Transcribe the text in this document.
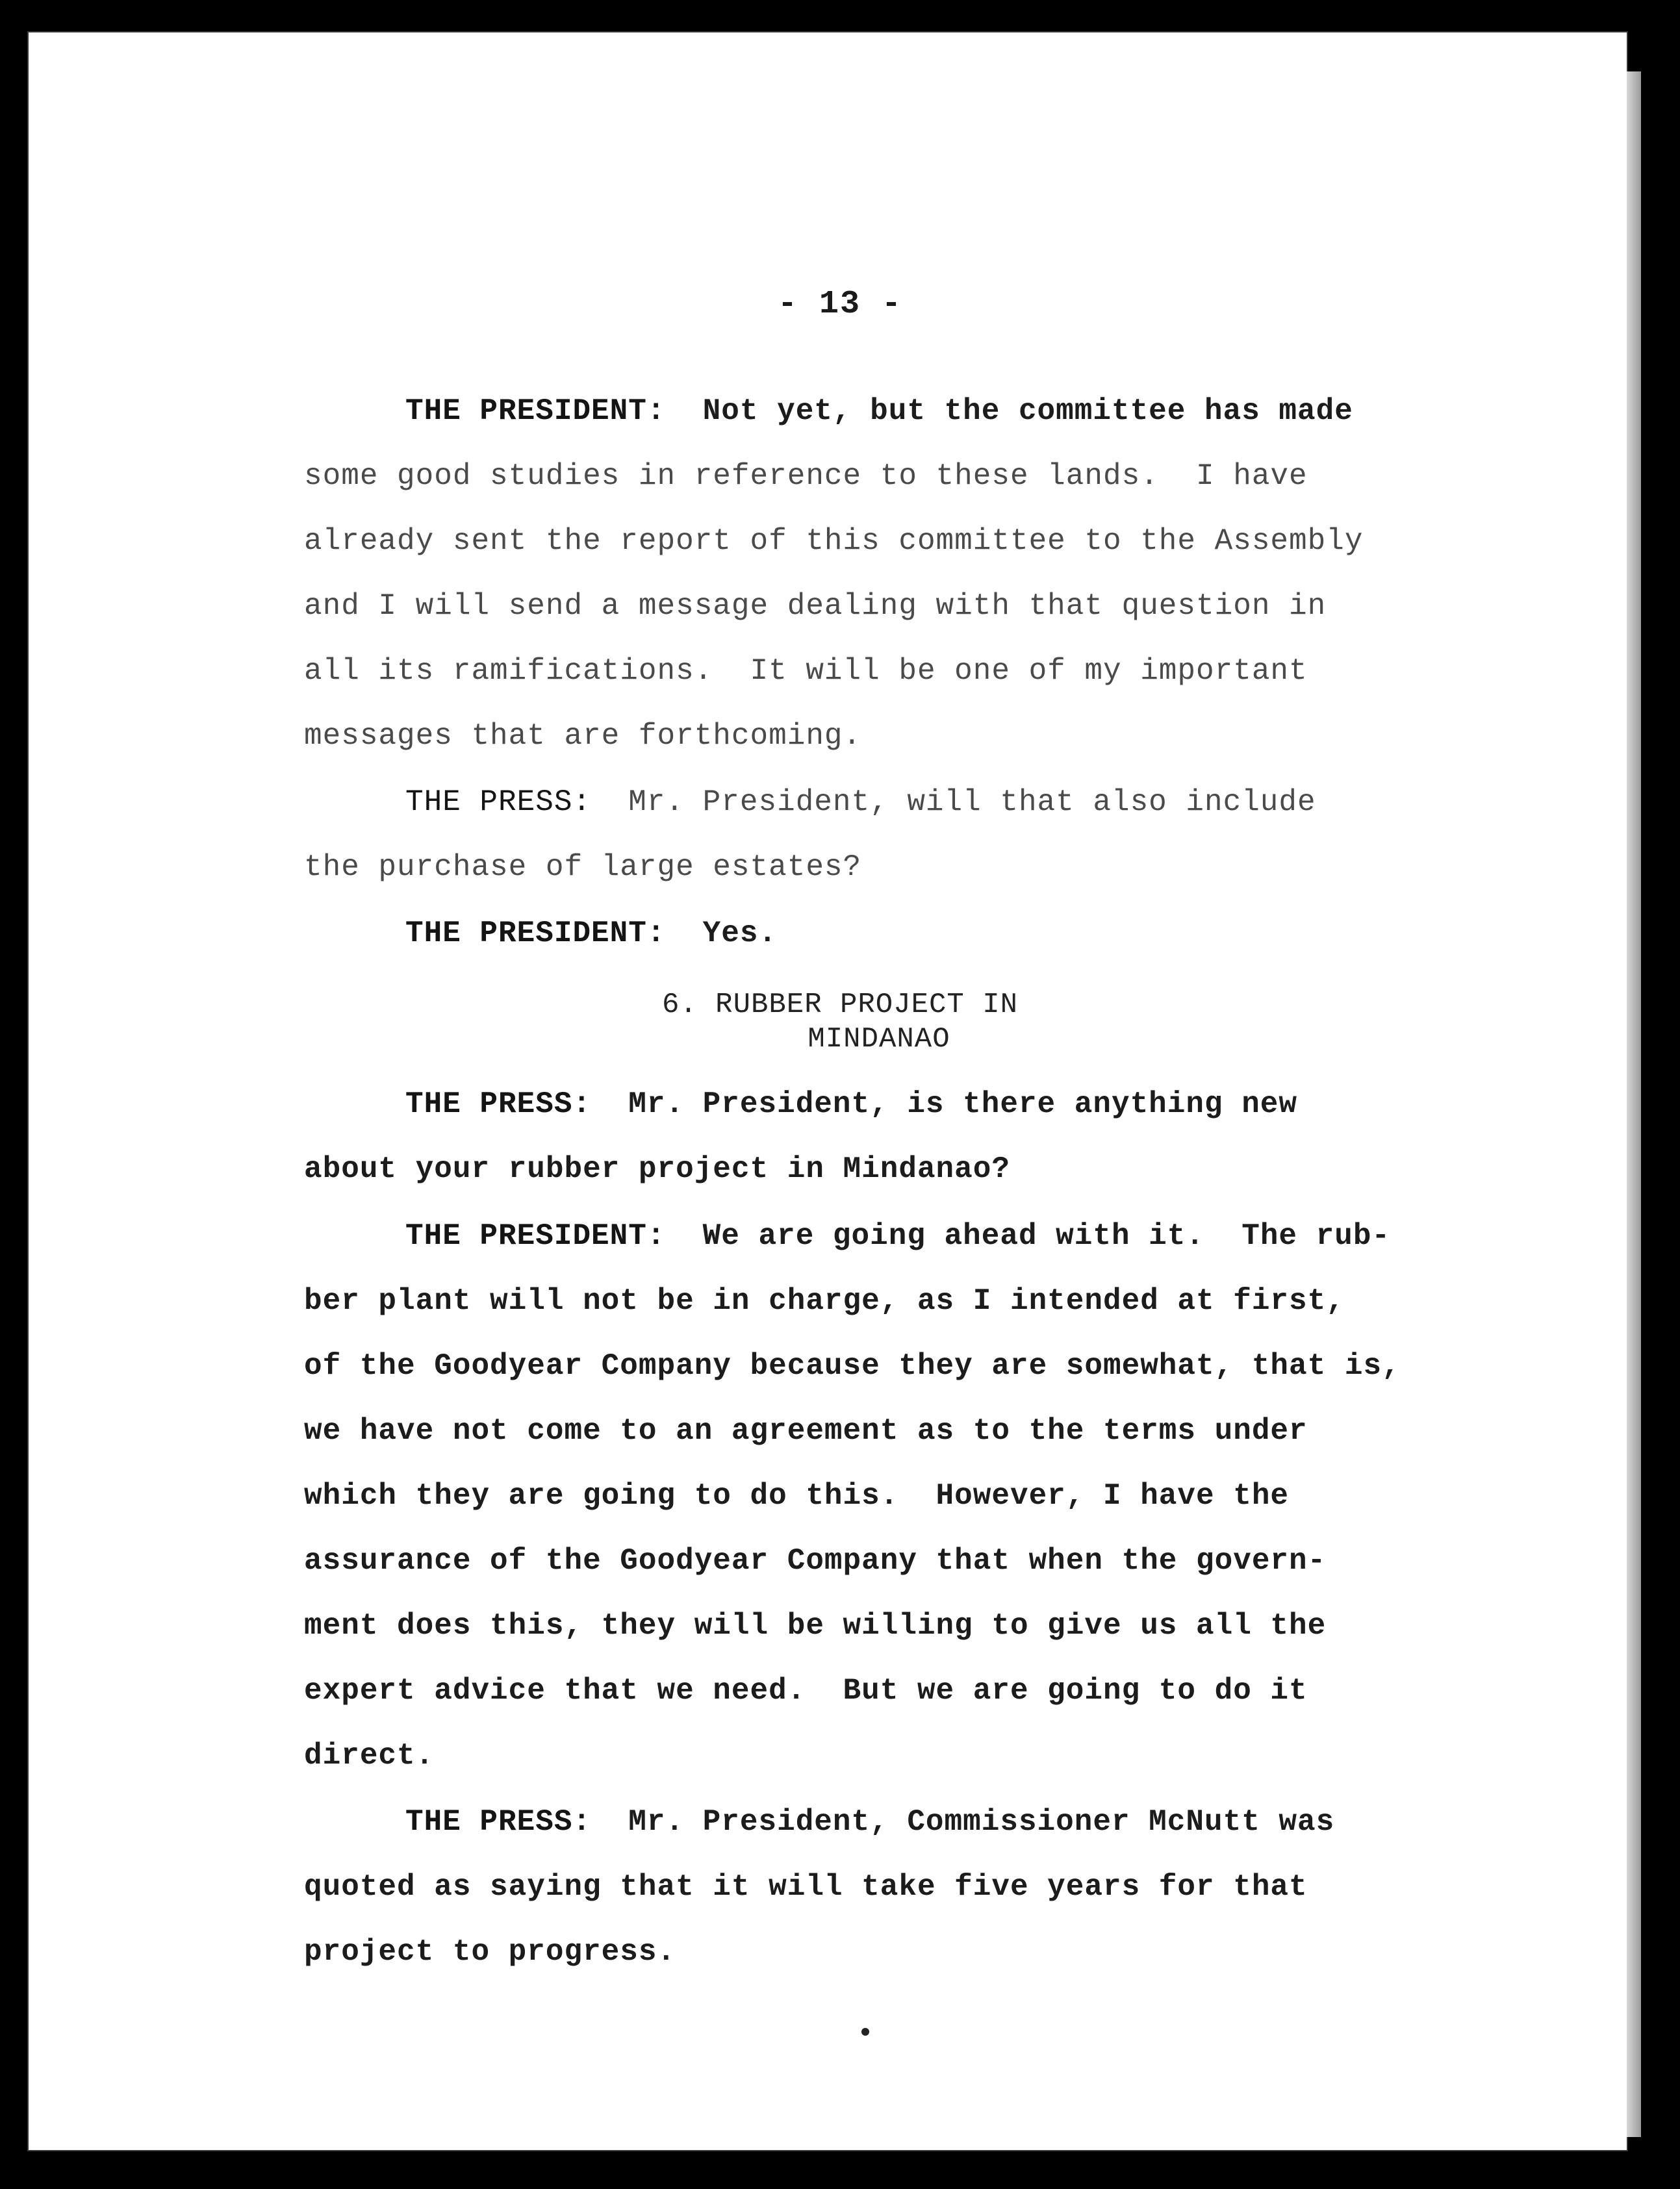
- 13 -
THE PRESIDENT:  Not yet, but the committee has made
some good studies in reference to these lands.  I have
already sent the report of this committee to the Assembly
and I will send a message dealing with that question in
all its ramifications.  It will be one of my important
messages that are forthcoming.
THE PRESS:  Mr. President, will that also include
the purchase of large estates?
THE PRESIDENT:  Yes.
6. RUBBER PROJECT IN
MINDANAO
THE PRESS:  Mr. President, is there anything new
about your rubber project in Mindanao?
THE PRESIDENT:  We are going ahead with it.  The rub-
ber plant will not be in charge, as I intended at first,
of the Goodyear Company because they are somewhat, that is,
we have not come to an agreement as to the terms under
which they are going to do this.  However, I have the
assurance of the Goodyear Company that when the govern-
ment does this, they will be willing to give us all the
expert advice that we need.  But we are going to do it
direct.
THE PRESS:  Mr. President, Commissioner McNutt was
quoted as saying that it will take five years for that
project to progress.
